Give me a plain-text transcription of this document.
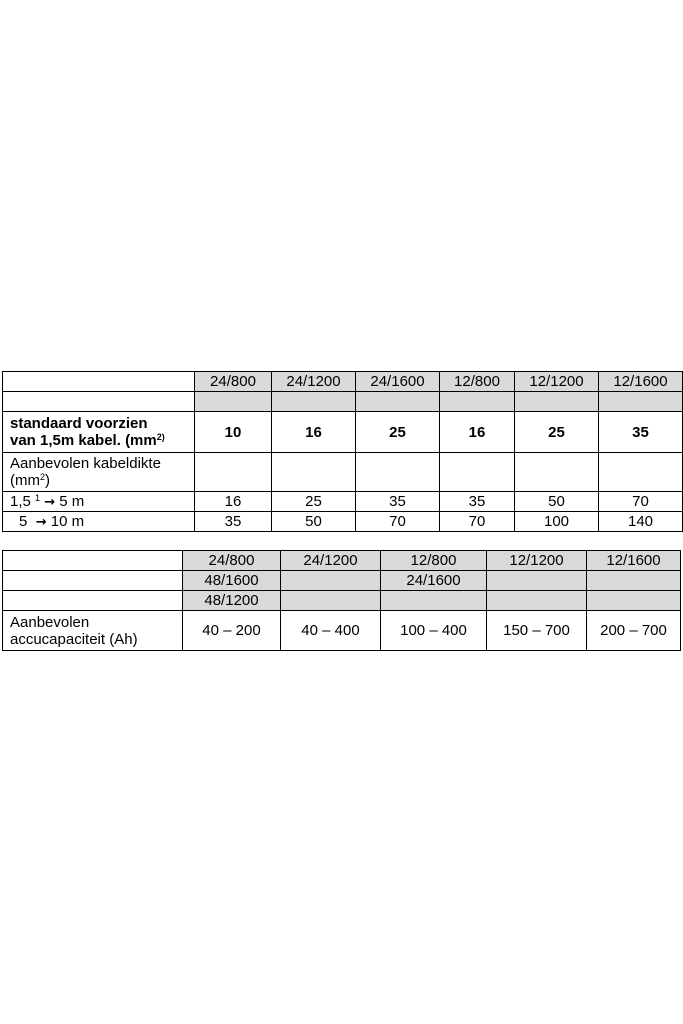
	24/800	24/1200	24/1600	12/800	12/1200	12/1600

standaard voorzien
van 1,5m kabel. ($mm^{2)}$	10	16	25	16	25	35
Aanbevolen kabeldikte
$(mm^2)$						
1,5 $^1$ → 5 m	16	25	35	35	50	70
5 → 10 m	35	50	70	70	100	140
	24/800	24/1200	12/800	12/1200	12/1600
	48/1600		24/1600		
	48/1200				
Aanbevolen
accucapaciteit (Ah)	40 – 200	40 – 400	100 – 400	150 – 700	200 – 700
